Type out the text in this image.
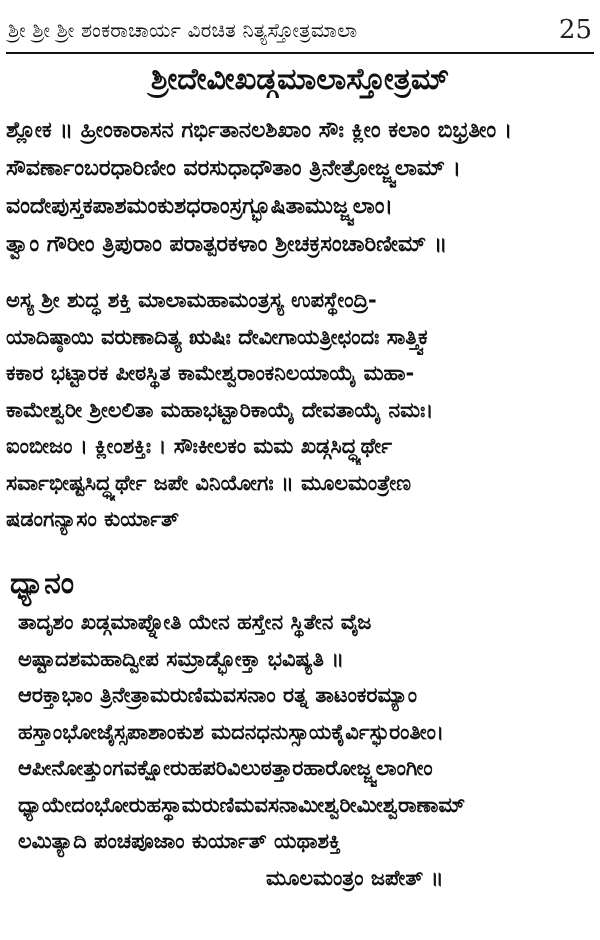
ಶ್ರೀ ಶ್ರೀ ಶ್ರೀ ಶಂಕರಾಚಾರ್ಯ ವಿರಚಿತ ನಿತ್ಯಸ್ತೋತ್ರಮಾಲಾ	25
ಶ್ರೀದೇವೀಖಡ್ಗಮಾಲಾಸ್ತೋತ್ರಮ್
ಶ್ಲೋಕ ॥ ಹ್ರೀಂಕಾರಾಸನ ಗರ್ಭಿತಾನಲಶಿಖಾಂ ಸೌಃ ಕ್ಲೀಂ ಕಲಾಂ ಬಿಭ್ರತೀಂ ।
ಸೌವರ್ಣಾಂಬರಧಾರಿಣೀಂ ವರಸುಧಾಧೌತಾಂ ತ್ರಿನೇತ್ರೋಜ್ಜ್ವಲಾಮ್ ।
ವಂದೇಪುಸ್ತಕಪಾಶಮಂಕುಶಧರಾಂಸ್ರಗ್ಭೂಷಿತಾಮುಜ್ಜ್ವಲಾಂ।
ತ್ವಾಂ ಗೌರೀಂ ತ್ರಿಪುರಾಂ ಪರಾತ್ಪರಕಳಾಂ ಶ್ರೀಚಕ್ರಸಂಚಾರಿಣೀಮ್ ॥
ಅಸ್ಯ ಶ್ರೀ ಶುದ್ಧ ಶಕ್ತಿ ಮಾಲಾಮಹಾಮಂತ್ರಸ್ಯ ಉಪಸ್ಥೇಂದ್ರಿ-
ಯಾದಿಷ್ಠಾಯಿ ವರುಣಾದಿತ್ಯ ಋಷಿಃ ದೇವೀಗಾಯತ್ರೀಛಂದಃ ಸಾತ್ತ್ವಿಕ
ಕಕಾರ ಭಟ್ಟಾರಕ ಪೀಠಸ್ಥಿತ ಕಾಮೇಶ್ವರಾಂಕನಿಲಯಾಯೈ ಮಹಾ-
ಕಾಮೇಶ್ವರೀ ಶ್ರೀಲಲಿತಾ ಮಹಾಭಟ್ಟಾರಿಕಾಯೈ ದೇವತಾಯೈ ನಮಃ।
ಐಂಬೀಜಂ । ಕ್ಲೀಂಶಕ್ತಿಃ । ಸೌಃಕೀಲಕಂ ಮಮ ಖಡ್ಗಸಿದ್ಧ್ಯರ್ಥೇ
ಸರ್ವಾಭೀಷ್ಟಸಿದ್ಧ್ಯರ್ಥೇ ಜಪೇ ವಿನಿಯೋಗಃ ॥ ಮೂಲಮಂತ್ರೇಣ
ಷಡಂಗನ್ಯಾಸಂ ಕುರ್ಯಾತ್
ಧ್ಯಾನಂ
ತಾದೃಶಂ ಖಡ್ಗಮಾಪ್ನೋತಿ ಯೇನ ಹಸ್ತೇನ ಸ್ಥಿತೇನ ವೈಜ
ಅಷ್ಟಾದಶಮಹಾದ್ವೀಪ ಸಮ್ರಾಡ್ಭೋಕ್ತಾ ಭವಿಷ್ಯತಿ ॥
ಆರಕ್ತಾಭಾಂ ತ್ರಿನೇತ್ರಾಮರುಣಿಮವಸನಾಂ ರತ್ನ ತಾಟಂಕರಮ್ಯಾಂ
ಹಸ್ತಾಂಭೋಜೈಸ್ಸಪಾಶಾಂಕುಶ ಮದನಧನುಸ್ಸಾಯಕೈರ್ವಿಸ್ಫುರಂತೀಂ।
ಆಪೀನೋತ್ತುಂಗವಕ್ಷೋರುಹಪರಿವಿಲುಠತ್ತಾರಹಾರೋಜ್ಜ್ವಲಾಂಗೀಂ
ಧ್ಯಾಯೇದಂಭೋರುಹಸ್ಥಾಮರುಣಿಮವಸನಾಮೀಶ್ವರೀಮೀಶ್ವರಾಣಾಮ್
ಲಮಿತ್ಯಾದಿ ಪಂಚಪೂಜಾಂ ಕುರ್ಯಾತ್ ಯಥಾಶಕ್ತಿ
ಮೂಲಮಂತ್ರಂ ಜಪೇತ್ ॥
